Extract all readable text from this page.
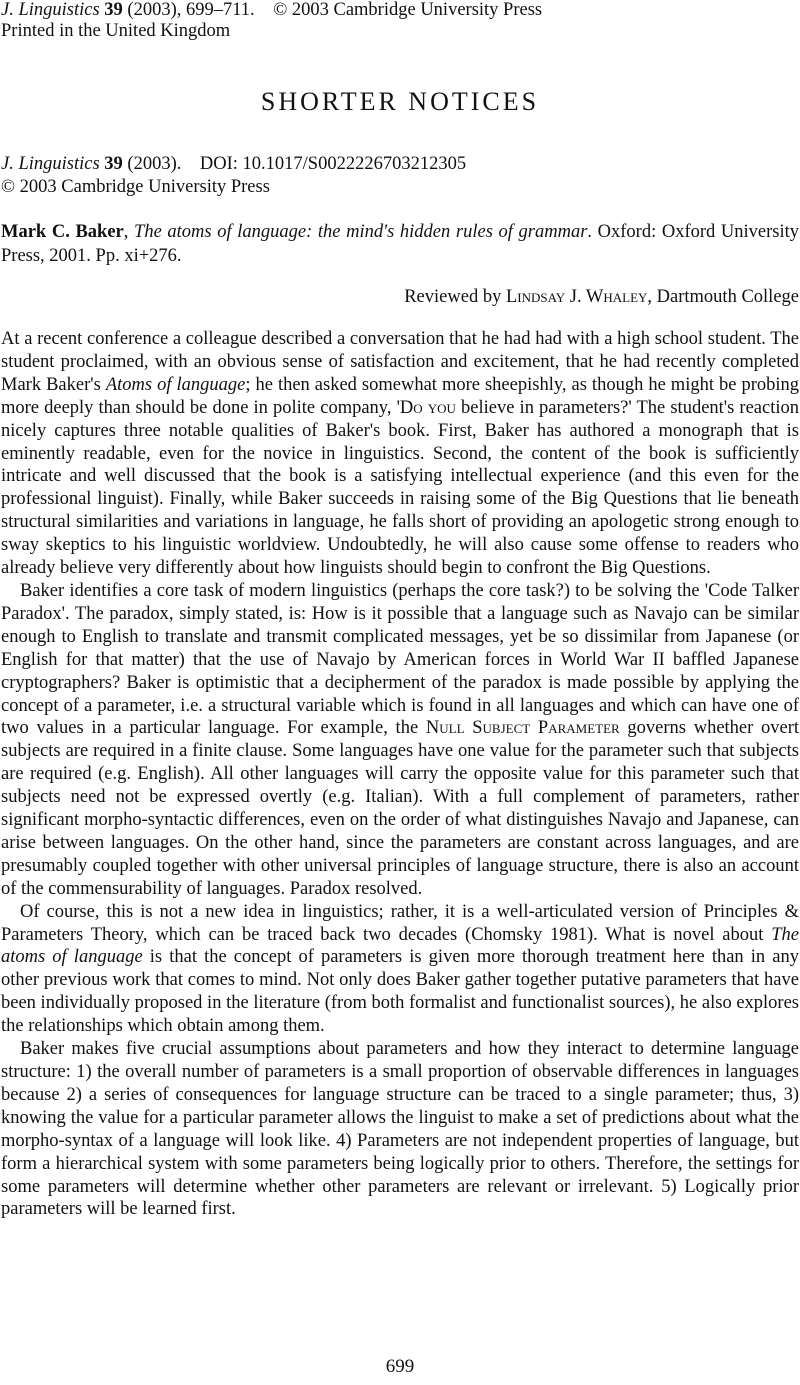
J. Linguistics 39 (2003), 699–711. © 2003 Cambridge University Press
Printed in the United Kingdom
SHORTER NOTICES
J. Linguistics 39 (2003). DOI: 10.1017/S0022226703212305
© 2003 Cambridge University Press
Mark C. Baker, The atoms of language: the mind's hidden rules of grammar. Oxford: Oxford University Press, 2001. Pp. xi+276.
Reviewed by Lindsay J. Whaley, Dartmouth College

At a recent conference a colleague described a conversation that he had had with a high school student. The student proclaimed, with an obvious sense of satisfaction and excitement, that he had recently completed Mark Baker's Atoms of language; he then asked somewhat more sheepishly, as though he might be probing more deeply than should be done in polite company, 'Do you believe in parameters?' The student's reaction nicely captures three notable qualities of Baker's book. First, Baker has authored a monograph that is eminently readable, even for the novice in linguistics. Second, the content of the book is sufficiently intricate and well discussed that the book is a satisfying intellectual experience (and this even for the professional linguist). Finally, while Baker succeeds in raising some of the Big Questions that lie beneath structural similarities and variations in language, he falls short of providing an apologetic strong enough to sway skeptics to his linguistic worldview. Undoubtedly, he will also cause some offense to readers who already believe very differently about how linguists should begin to confront the Big Questions.

Baker identifies a core task of modern linguistics (perhaps the core task?) to be solving the 'Code Talker Paradox'. The paradox, simply stated, is: How is it possible that a language such as Navajo can be similar enough to English to translate and transmit complicated messages, yet be so dissimilar from Japanese (or English for that matter) that the use of Navajo by American forces in World War II baffled Japanese cryptographers? Baker is optimistic that a decipherment of the paradox is made possible by applying the concept of a parameter, i.e. a structural variable which is found in all languages and which can have one of two values in a particular language. For example, the Null Subject Parameter governs whether overt subjects are required in a finite clause. Some languages have one value for the parameter such that subjects are required (e.g. English). All other languages will carry the opposite value for this parameter such that subjects need not be expressed overtly (e.g. Italian). With a full complement of parameters, rather significant morpho-syntactic differences, even on the order of what distinguishes Navajo and Japanese, can arise between languages. On the other hand, since the parameters are constant across languages, and are presumably coupled together with other universal principles of language structure, there is also an account of the commensurability of languages. Paradox resolved.

Of course, this is not a new idea in linguistics; rather, it is a well-articulated version of Principles & Parameters Theory, which can be traced back two decades (Chomsky 1981). What is novel about The atoms of language is that the concept of parameters is given more thorough treatment here than in any other previous work that comes to mind. Not only does Baker gather together putative parameters that have been individually proposed in the literature (from both formalist and functionalist sources), he also explores the relationships which obtain among them.

Baker makes five crucial assumptions about parameters and how they interact to determine language structure: 1) the overall number of parameters is a small proportion of observable differences in languages because 2) a series of consequences for language structure can be traced to a single parameter; thus, 3) knowing the value for a particular parameter allows the linguist to make a set of predictions about what the morpho-syntax of a language will look like. 4) Parameters are not independent properties of language, but form a hierarchical system with some parameters being logically prior to others. Therefore, the settings for some parameters will determine whether other parameters are relevant or irrelevant. 5) Logically prior parameters will be learned first.

699
